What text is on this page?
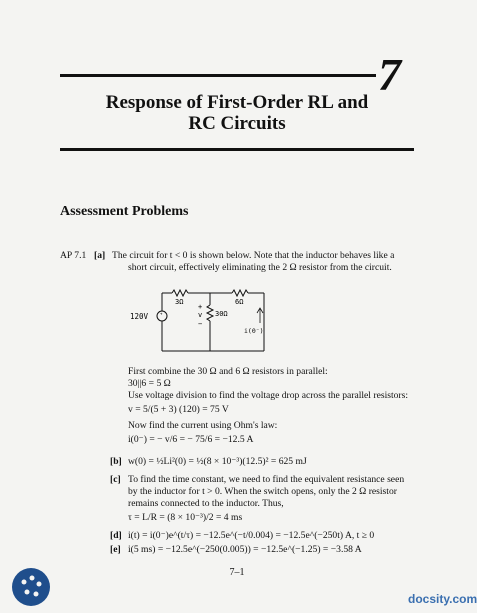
7
Response of First-Order RL and
RC Circuits
Assessment Problems
AP 7.1 [a] The circuit for t < 0 is shown below. Note that the inductor behaves like a
short circuit, effectively eliminating the 2 Ω resistor from the circuit.
+
120V
3Ω	6Ω
30Ω
+
v
−
i(0⁻)
First combine the 30 Ω and 6 Ω resistors in parallel:
30||6 = 5 Ω
Use voltage division to find the voltage drop across the parallel resistors:
v = 5/(5 + 3) (120) = 75 V
Now find the current using Ohm's law:
i(0⁻) = − v/6 = − 75/6 = −12.5 A
[b] w(0) = ½Li²(0) = ½(8 × 10⁻³)(12.5)² = 625 mJ
[c] To find the time constant, we need to find the equivalent resistance seen
by the inductor for t > 0. When the switch opens, only the 2 Ω resistor
remains connected to the inductor. Thus,
τ = L/R = (8 × 10⁻³)/2 = 4 ms
[d] i(t) = i(0⁻)e^(t/τ) = −12.5e^(−t/0.004) = −12.5e^(−250t) A, t ≥ 0
[e] i(5 ms) = −12.5e^(−250(0.005)) = −12.5e^(−1.25) = −3.58 A
7–1
docsity.com
